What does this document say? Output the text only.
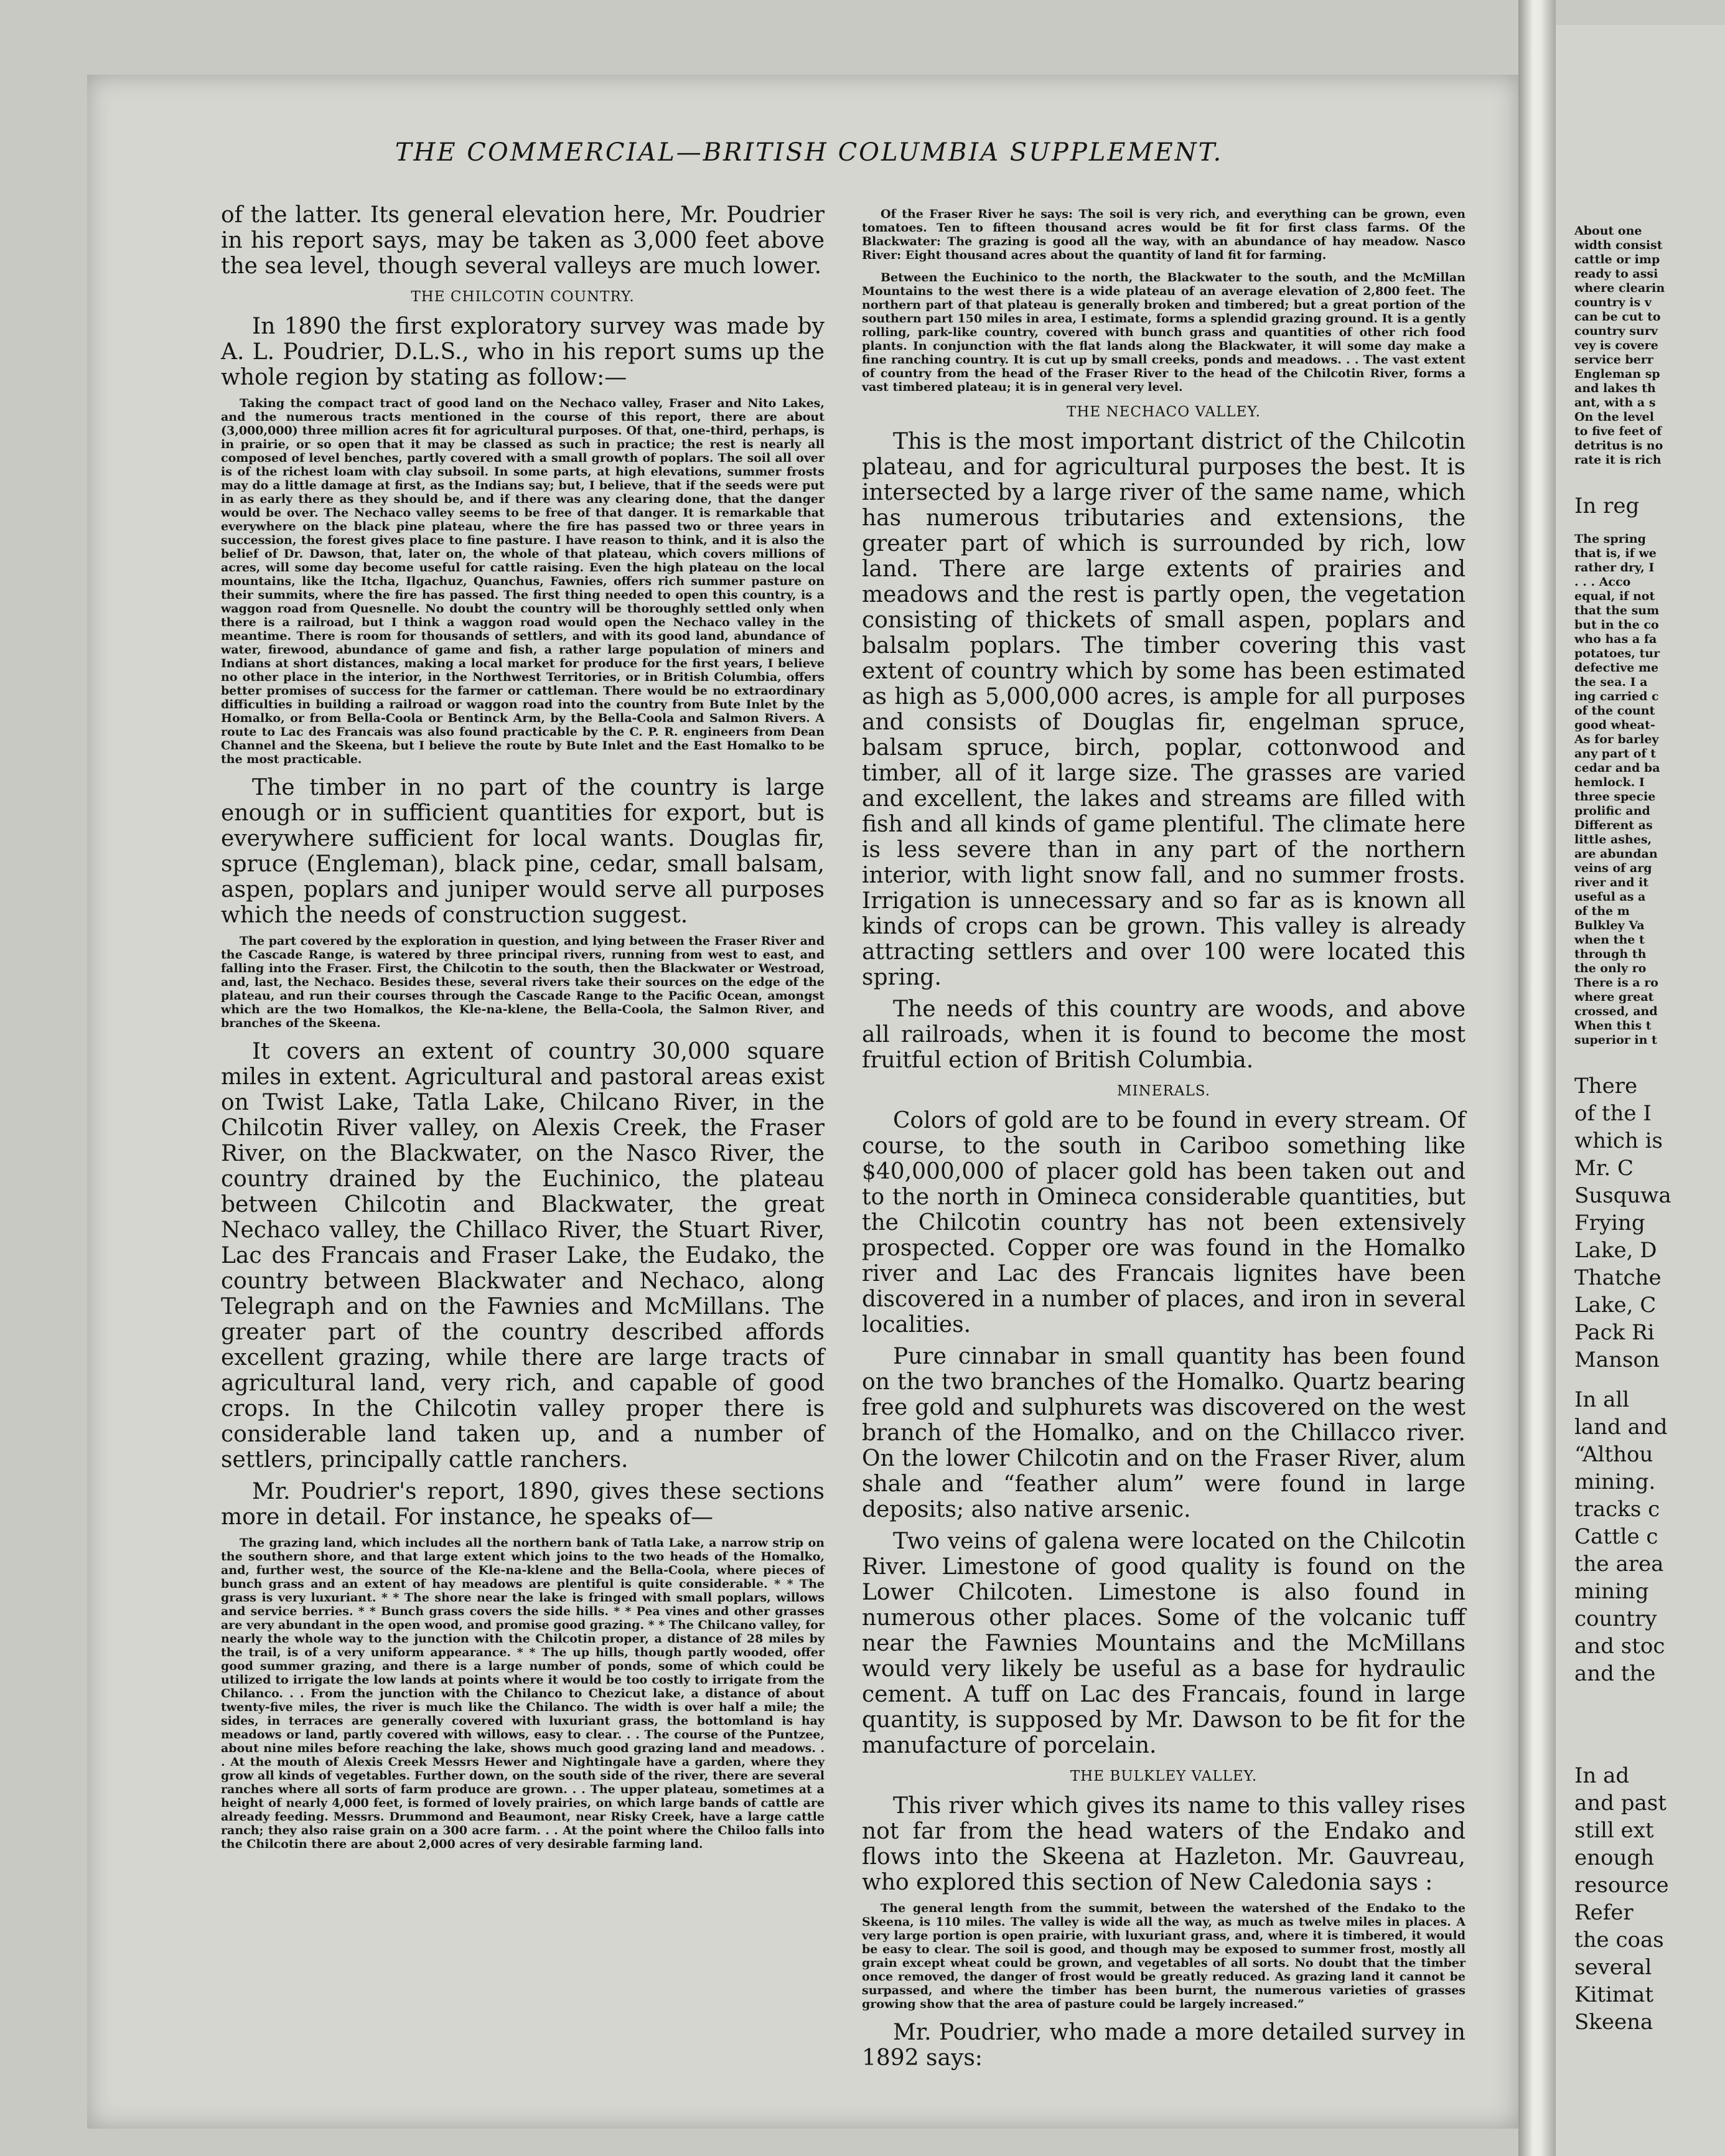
THE COMMERCIAL—BRITISH COLUMBIA SUPPLEMENT.

of the latter. Its general elevation here, Mr. Poudrier in his report says, may be taken as 3,000 feet above the sea level, though several valleys are much lower.

THE CHILCOTIN COUNTRY.

In 1890 the first exploratory survey was made by A. L. Poudrier, D.L.S., who in his report sums up the whole region by stating as follow:—

Taking the compact tract of good land on the Nechaco valley, Fraser and Nito Lakes, and the numerous tracts mentioned in the course of this report, there are about (3,000,000) three million acres fit for agricultural purposes. Of that, one-third, perhaps, is in prairie, or so open that it may be classed as such in practice; the rest is nearly all composed of level benches, partly covered with a small growth of poplars. The soil all over is of the richest loam with clay subsoil. In some parts, at high elevations, summer frosts may do a little damage at first, as the Indians say; but, I believe, that if the seeds were put in as early there as they should be, and if there was any clearing done, that the danger would be over. The Nechaco valley seems to be free of that danger. It is remarkable that everywhere on the black pine plateau, where the fire has passed two or three years in succession, the forest gives place to fine pasture. I have reason to think, and it is also the belief of Dr. Dawson, that, later on, the whole of that plateau, which covers millions of acres, will some day become useful for cattle raising. Even the high plateau on the local mountains, like the Itcha, Ilgachuz, Quanchus, Fawnies, offers rich summer pasture on their summits, where the fire has passed. The first thing needed to open this country, is a waggon road from Quesnelle. No doubt the country will be thoroughly settled only when there is a railroad, but I think a waggon road would open the Nechaco valley in the meantime. There is room for thousands of settlers, and with its good land, abundance of water, firewood, abundance of game and fish, a rather large population of miners and Indians at short distances, making a local market for produce for the first years, I believe no other place in the interior, in the Northwest Territories, or in British Columbia, offers better promises of success for the farmer or cattleman. There would be no extraordinary difficulties in building a railroad or waggon road into the country from Bute Inlet by the Homalko, or from Bella-Coola or Bentinck Arm, by the Bella-Coola and Salmon Rivers. A route to Lac des Francais was also found practicable by the C. P. R. engineers from Dean Channel and the Skeena, but I believe the route by Bute Inlet and the East Homalko to be the most practicable.

The timber in no part of the country is large enough or in sufficient quantities for export, but is everywhere sufficient for local wants. Douglas fir, spruce (Engleman), black pine, cedar, small balsam, aspen, poplars and juniper would serve all purposes which the needs of construction suggest.

The part covered by the exploration in question, and lying between the Fraser River and the Cascade Range, is watered by three principal rivers, running from west to east, and falling into the Fraser. First, the Chilcotin to the south, then the Blackwater or Westroad, and, last, the Nechaco. Besides these, several rivers take their sources on the edge of the plateau, and run their courses through the Cascade Range to the Pacific Ocean, amongst which are the two Homalkos, the Kle-na-klene, the Bella-Coola, the Salmon River, and branches of the Skeena.

It covers an extent of country 30,000 square miles in extent. Agricultural and pastoral areas exist on Twist Lake, Tatla Lake, Chilcano River, in the Chilcotin River valley, on Alexis Creek, the Fraser River, on the Blackwater, on the Nasco River, the country drained by the Euchinico, the plateau between Chilcotin and Blackwater, the great Nechaco valley, the Chillaco River, the Stuart River, Lac des Francais and Fraser Lake, the Eudako, the country between Blackwater and Nechaco, along Telegraph and on the Fawnies and McMillans. The greater part of the country described affords excellent grazing, while there are large tracts of agricultural land, very rich, and capable of good crops. In the Chilcotin valley proper there is considerable land taken up, and a number of settlers, principally cattle ranchers.

Mr. Poudrier's report, 1890, gives these sections more in detail. For instance, he speaks of—

The grazing land, which includes all the northern bank of Tatla Lake, a narrow strip on the southern shore, and that large extent which joins to the two heads of the Homalko, and, further west, the source of the Kle-na-klene and the Bella-Coola, where pieces of bunch grass and an extent of hay meadows are plentiful is quite considerable. * * The grass is very luxuriant. * * The shore near the lake is fringed with small poplars, willows and service berries. * * Bunch grass covers the side hills. * * Pea vines and other grasses are very abundant in the open wood, and promise good grazing. * * The Chilcano valley, for nearly the whole way to the junction with the Chilcotin proper, a distance of 28 miles by the trail, is of a very uniform appearance. * * The up hills, though partly wooded, offer good summer grazing, and there is a large number of ponds, some of which could be utilized to irrigate the low lands at points where it would be too costly to irrigate from the Chilanco. . . From the junction with the Chilanco to Chezicut lake, a distance of about twenty-five miles, the river is much like the Chilanco. The width is over half a mile; the sides, in terraces are generally covered with luxuriant grass, the bottomland is hay meadows or land, partly covered with willows, easy to clear. . . The course of the Puntzee, about nine miles before reaching the lake, shows much good grazing land and meadows. . . At the mouth of Alexis Creek Messrs Hewer and Nightingale have a garden, where they grow all kinds of vegetables. Further down, on the south side of the river, there are several ranches where all sorts of farm produce are grown. . . The upper plateau, sometimes at a height of nearly 4,000 feet, is formed of lovely prairies, on which large bands of cattle are already feeding. Messrs. Drummond and Beaumont, near Risky Creek, have a large cattle ranch; they also raise grain on a 300 acre farm. . . At the point where the Chiloo falls into the Chilcotin there are about 2,000 acres of very desirable farming land.

Of the Fraser River he says: The soil is very rich, and everything can be grown, even tomatoes. Ten to fifteen thousand acres would be fit for first class farms. Of the Blackwater: The grazing is good all the way, with an abundance of hay meadow. Nasco River: Eight thousand acres about the quantity of land fit for farming.

Between the Euchinico to the north, the Blackwater to the south, and the McMillan Mountains to the west there is a wide plateau of an average elevation of 2,800 feet. The northern part of that plateau is generally broken and timbered; but a great portion of the southern part 150 miles in area, I estimate, forms a splendid grazing ground. It is a gently rolling, park-like country, covered with bunch grass and quantities of other rich food plants. In conjunction with the flat lands along the Blackwater, it will some day make a fine ranching country. It is cut up by small creeks, ponds and meadows. . . The vast extent of country from the head of the Fraser River to the head of the Chilcotin River, forms a vast timbered plateau; it is in general very level.

THE NECHACO VALLEY.

This is the most important district of the Chilcotin plateau, and for agricultural purposes the best. It is intersected by a large river of the same name, which has numerous tributaries and extensions, the greater part of which is surrounded by rich, low land. There are large extents of prairies and meadows and the rest is partly open, the vegetation consisting of thickets of small aspen, poplars and balsalm poplars. The timber covering this vast extent of country which by some has been estimated as high as 5,000,000 acres, is ample for all purposes and consists of Douglas fir, engelman spruce, balsam spruce, birch, poplar, cottonwood and timber, all of it large size. The grasses are varied and excellent, the lakes and streams are filled with fish and all kinds of game plentiful. The climate here is less severe than in any part of the northern interior, with light snow fall, and no summer frosts. Irrigation is unnecessary and so far as is known all kinds of crops can be grown. This valley is already attracting settlers and over 100 were located this spring.

The needs of this country are woods, and above all railroads, when it is found to become the most fruitful ection of British Columbia.

MINERALS.

Colors of gold are to be found in every stream. Of course, to the south in Cariboo something like $40,000,000 of placer gold has been taken out and to the north in Omineca considerable quantities, but the Chilcotin country has not been extensively prospected. Copper ore was found in the Homalko river and Lac des Francais lignites have been discovered in a number of places, and iron in several localities.

Pure cinnabar in small quantity has been found on the two branches of the Homalko. Quartz bearing free gold and sulphurets was discovered on the west branch of the Homalko, and on the Chillacco river. On the lower Chilcotin and on the Fraser River, alum shale and “feather alum” were found in large deposits; also native arsenic.

Two veins of galena were located on the Chilcotin River. Limestone of good quality is found on the Lower Chilcoten. Limestone is also found in numerous other places. Some of the volcanic tuff near the Fawnies Mountains and the McMillans would very likely be useful as a base for hydraulic cement. A tuff on Lac des Francais, found in large quantity, is supposed by Mr. Dawson to be fit for the manufacture of porcelain.

THE BULKLEY VALLEY.

This river which gives its name to this valley rises not far from the head waters of the Endako and flows into the Skeena at Hazleton. Mr. Gauvreau, who explored this section of New Caledonia says :

The general length from the summit, between the watershed of the Endako to the Skeena, is 110 miles. The valley is wide all the way, as much as twelve miles in places. A very large portion is open prairie, with luxuriant grass, and, where it is timbered, it would be easy to clear. The soil is good, and though may be exposed to summer frost, mostly all grain except wheat could be grown, and vegetables of all sorts. No doubt that the timber once removed, the danger of frost would be greatly reduced. As grazing land it cannot be surpassed, and where the timber has been burnt, the numerous varieties of grasses growing show that the area of pasture could be largely increased.”

Mr. Poudrier, who made a more detailed survey in 1892 says:

About one
width consist
cattle or imp
ready to assi
where clearin
country is v
can be cut to
country surv
vey is covere
service berr
Engleman sp
and lakes th
ant, with a s
On the level
to five feet of
detritus is no
rate it is rich
In reg
The spring
that is, if we
rather dry, I
. . . Acco
equal, if not
that the sum
but in the co
who has a fa
potatoes, tur
defective me
the sea. I a
ing carried c
of the count
good wheat-
As for barley
any part of t
cedar and ba
hemlock. I
three specie
prolific and
Different as
little ashes,
are abundan
veins of arg
river and it
useful as a
of the m
Bulkley Va
when the t
through th
the only ro
There is a ro
where great
crossed, and
When this t
superior in t
There
of the I
which is
Mr. C
Susquwa
Frying
Lake, D
Thatche
Lake, C
Pack Ri
Manson
In all
land and
“Althou
mining.
tracks c
Cattle c
the area
mining
country
and stoc
and the
In ad
and past
still ext
enough
resource
Refer
the coas
several
Kitimat
Skeena
